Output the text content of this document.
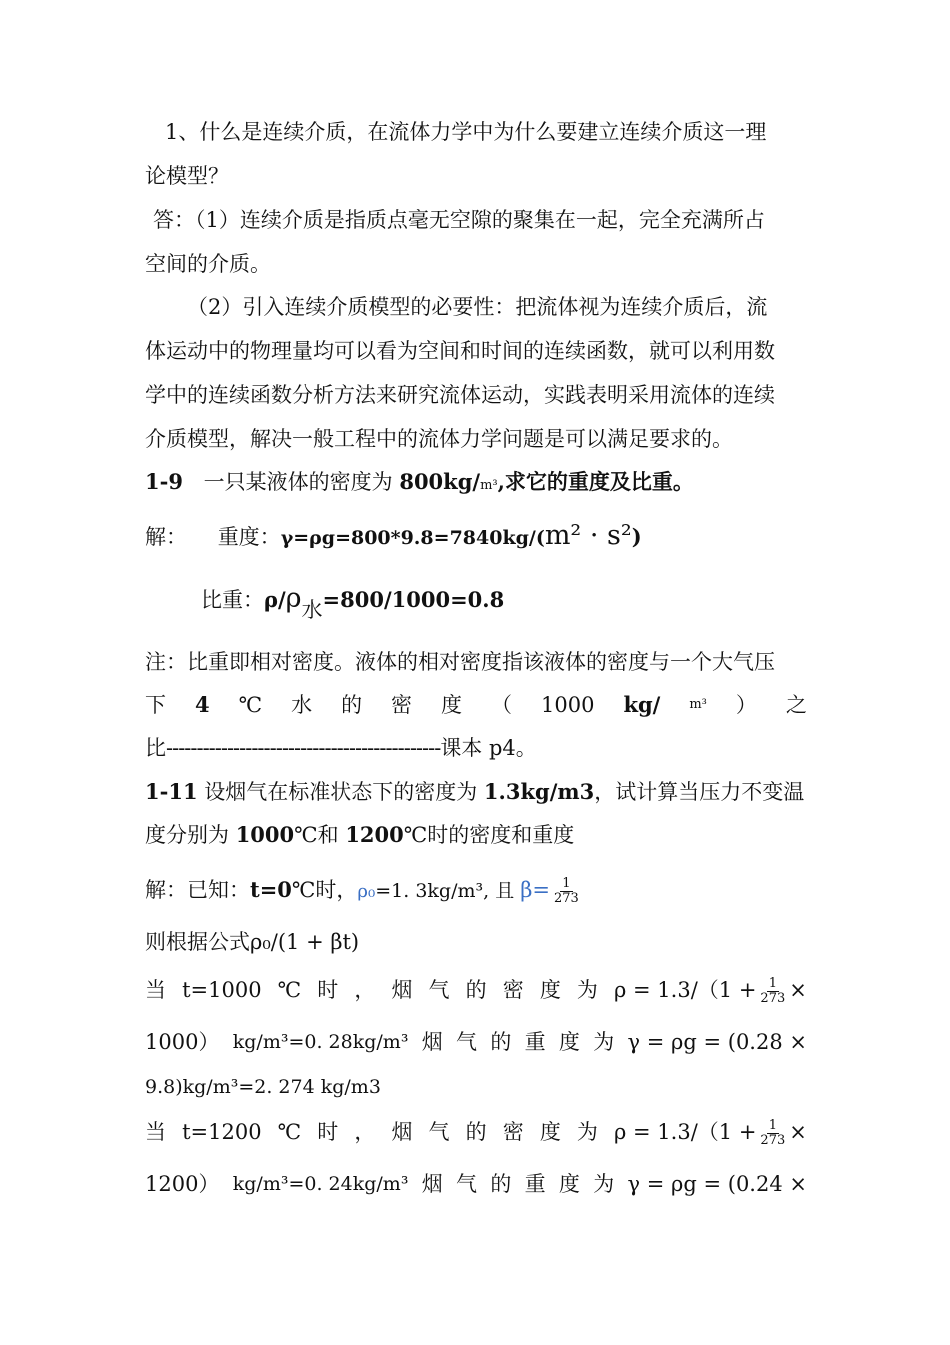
1、什么是连续介质，在流体力学中为什么要建立连续介质这一理
论模型？
答：（1）连续介质是指质点毫无空隙的聚集在一起，完全充满所占
空间的介质。
（2）引入连续介质模型的必要性：把流体视为连续介质后，流
体运动中的物理量均可以看为空间和时间的连续函数，就可以利用数
学中的连续函数分析方法来研究流体运动，实践表明采用流体的连续
介质模型，解决一般工程中的流体力学问题是可以满足要求的。
1-9 一只某液体的密度为 800kg/m³,求它的重度及比重。
解： 重度：γ=ρg=800*9.8=7840kg/(m² · s²)
比重：ρ/ρ水=800/1000=0.8
注：比重即相对密度。液体的相对密度指该液体的密度与一个大气压
下 4 ℃ 水 的 密 度 （ 1000 kg/ m³ ） 之
比---------------------------------------------课本 p4。
1-11 设烟气在标准状态下的密度为 1.3kg/m3，试计算当压力不变温
度分别为 1000℃和 1200℃时的密度和重度
解：已知：t=0℃时，ρ₀=1. 3kg/m³, 且 $\beta= \frac{1}{273}$
则根据公式ρ₀/(1 + βt)
当 t=1000 ℃ 时 ， 烟 气 的 密 度 为 $\rho = 1.3/(1 + \frac{1}{273}$ ×
1000） kg/m³=0. 28kg/m³ 烟 气 的 重 度 为 γ = ρg = (0.28 ×
9.8)kg/m³=2. 274 kg/m3
当 t=1200 ℃ 时 ， 烟 气 的 密 度 为 $\rho = 1.3/(1 + \frac{1}{273}$ ×
1200） kg/m³=0. 24kg/m³ 烟 气 的 重 度 为 γ = ρg = (0.24 ×
